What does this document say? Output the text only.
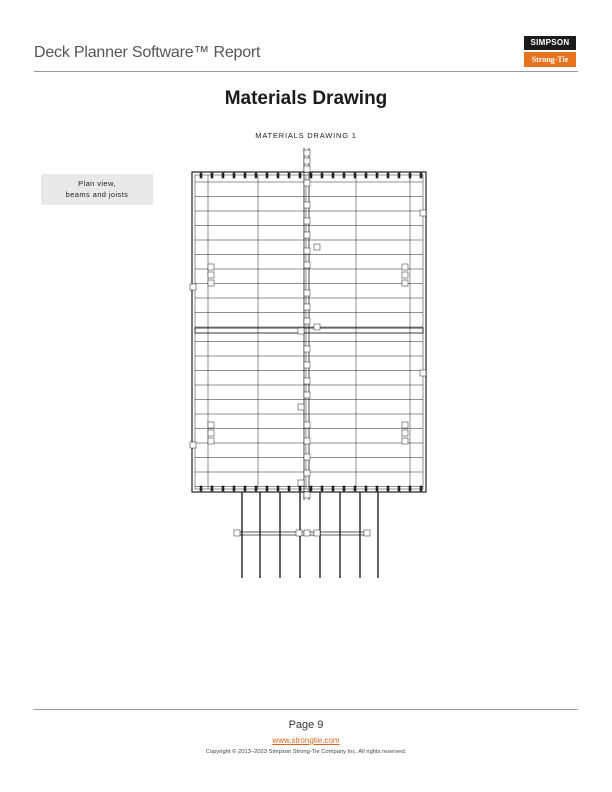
Deck Planner Software™ Report
SIMPSON
Strong-Tie
Materials Drawing
MATERIALS DRAWING 1
Plan view,
beams and joists
Page 9
www.strongtie.com
Copyright © 2013–2023 Simpson Strong-Tie Company Inc. All rights reserved.
